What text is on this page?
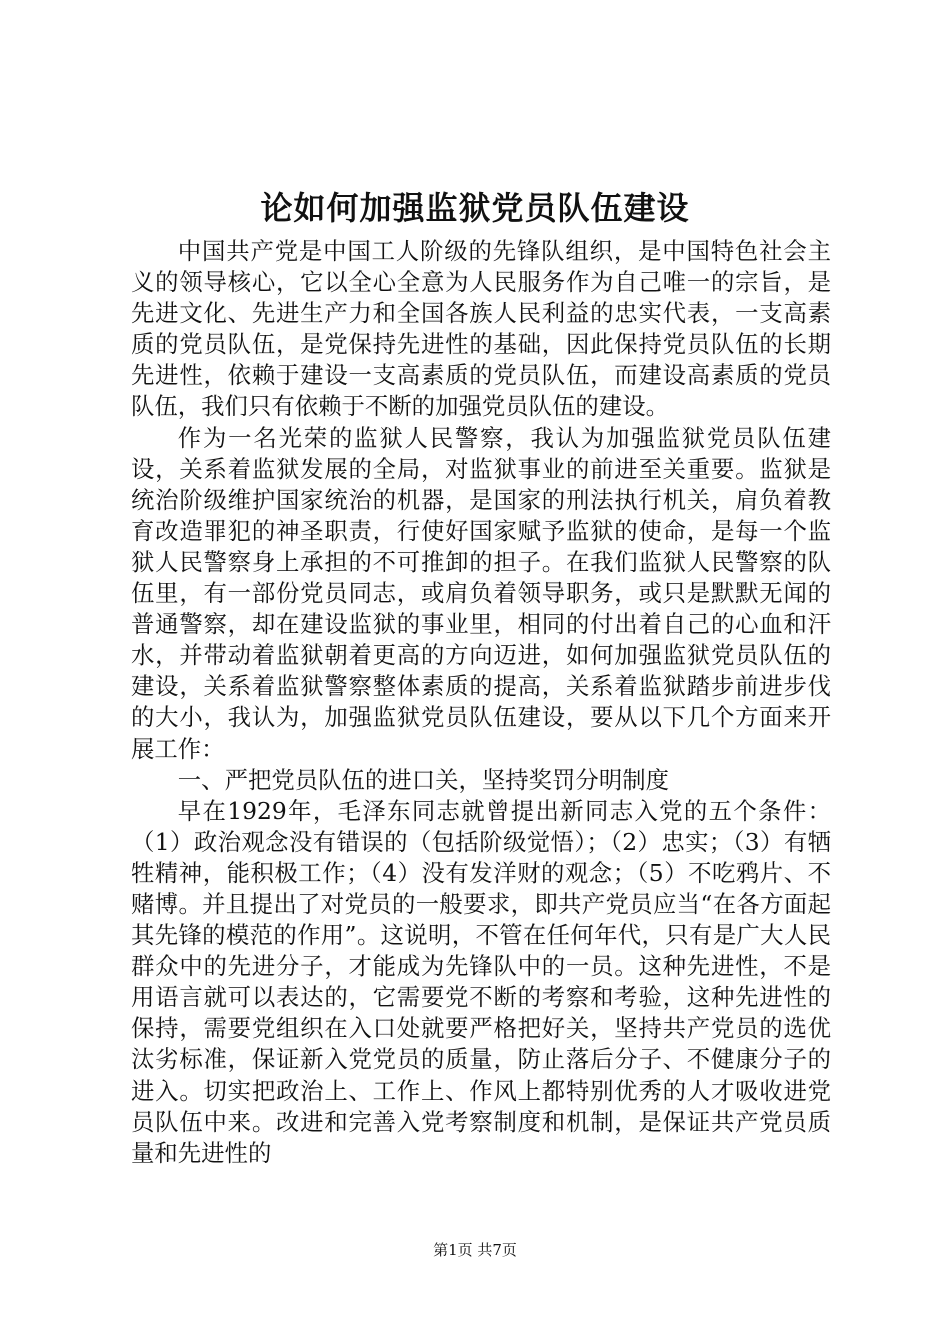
论如何加强监狱党员队伍建设

中国共产党是中国工人阶级的先锋队组织，是中国特色社会主义的领导核心，它以全心全意为人民服务作为自己唯一的宗旨，是先进文化、先进生产力和全国各族人民利益的忠实代表，一支高素质的党员队伍，是党保持先进性的基础，因此保持党员队伍的长期先进性，依赖于建设一支高素质的党员队伍，而建设高素质的党员队伍，我们只有依赖于不断的加强党员队伍的建设。

作为一名光荣的监狱人民警察，我认为加强监狱党员队伍建设，关系着监狱发展的全局，对监狱事业的前进至关重要。监狱是统治阶级维护国家统治的机器，是国家的刑法执行机关，肩负着教育改造罪犯的神圣职责，行使好国家赋予监狱的使命，是每一个监狱人民警察身上承担的不可推卸的担子。在我们监狱人民警察的队伍里，有一部份党员同志，或肩负着领导职务，或只是默默无闻的普通警察，却在建设监狱的事业里，相同的付出着自己的心血和汗水，并带动着监狱朝着更高的方向迈进，如何加强监狱党员队伍的建设，关系着监狱警察整体素质的提高，关系着监狱踏步前进步伐的大小，我认为，加强监狱党员队伍建设，要从以下几个方面来开展工作：

一、严把党员队伍的进口关，坚持奖罚分明制度

早在1929年，毛泽东同志就曾提出新同志入党的五个条件：（1）政治观念没有错误的（包括阶级觉悟）；（2）忠实；（3）有牺牲精神，能积极工作；（4）没有发洋财的观念；（5）不吃鸦片、不赌博。并且提出了对党员的一般要求，即共产党员应当“在各方面起其先锋的模范的作用”。这说明，不管在任何年代，只有是广大人民群众中的先进分子，才能成为先锋队中的一员。这种先进性，不是用语言就可以表达的，它需要党不断的考察和考验，这种先进性的保持，需要党组织在入口处就要严格把好关，坚持共产党员的选优汰劣标准，保证新入党党员的质量，防止落后分子、不健康分子的进入。切实把政治上、工作上、作风上都特别优秀的人才吸收进党员队伍中来。改进和完善入党考察制度和机制，是保证共产党员质量和先进性的

第1页 共7页
